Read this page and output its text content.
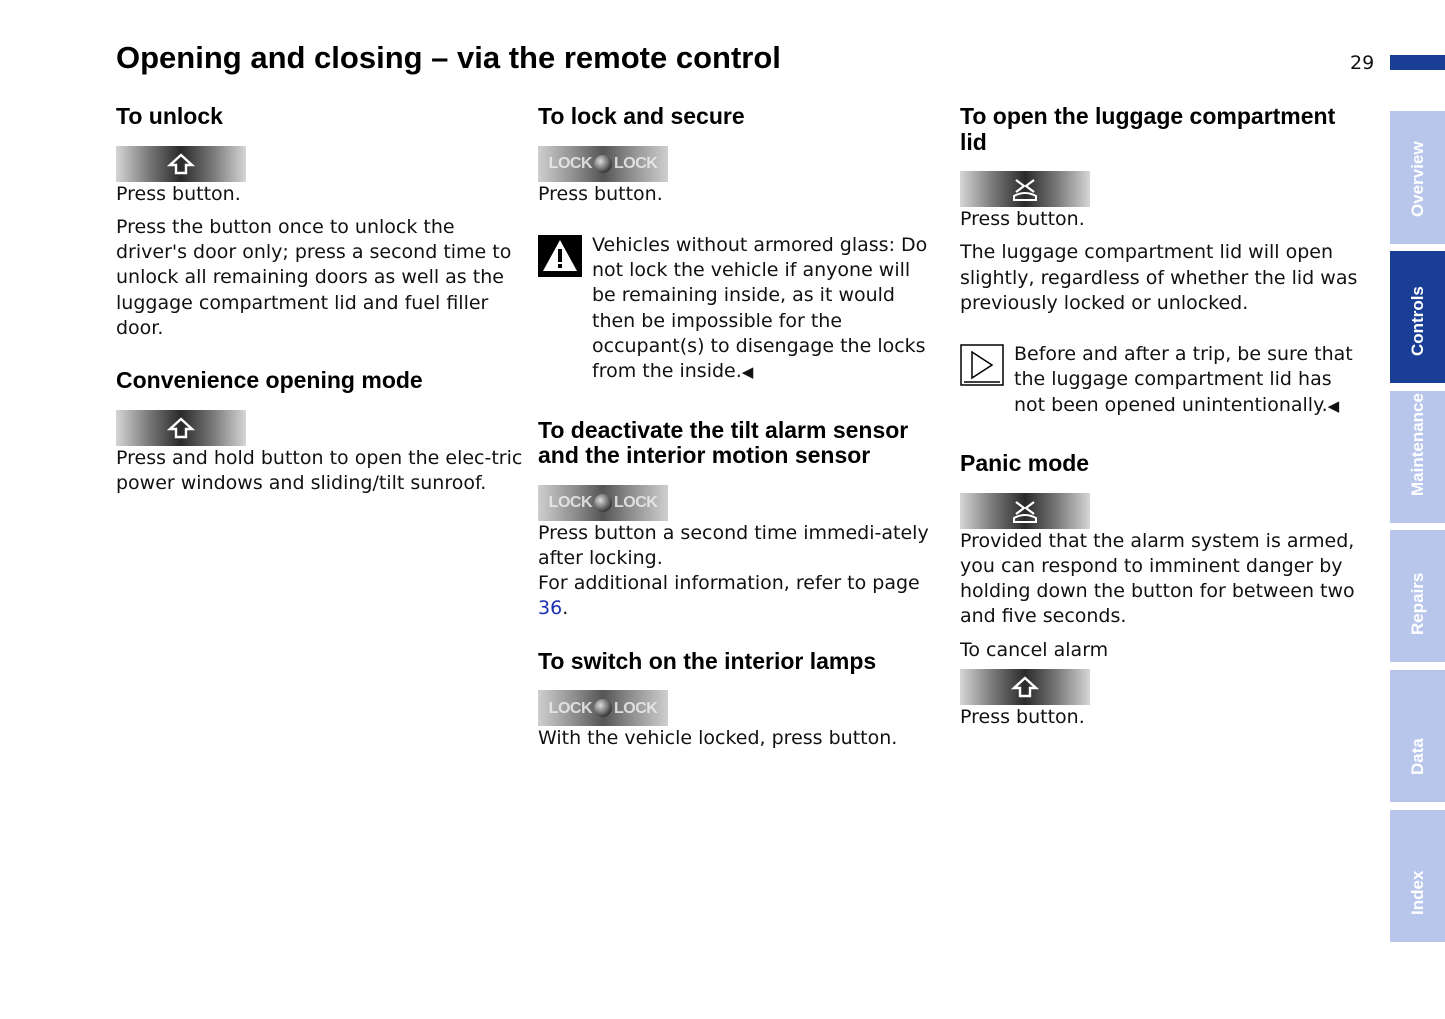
Opening and closing – via the remote control	29
To unlock

Press button.

Press the button once to unlock the driver's door only; press a second time to unlock all remaining doors as well as the luggage compartment lid and fuel filler door.

Convenience opening mode

Press and hold button to open the elec-tric power windows and sliding/tilt sunroof.

To lock and secure
LOCK LOCK

Press button.

Vehicles without armored glass: Do not lock the vehicle if anyone will be remaining inside, as it would then be impossible for the occupant(s) to disengage the locks from the inside.◀

To deactivate the tilt alarm sensor and the interior motion sensor
LOCK LOCK

Press button a second time immedi-ately after locking.

For additional information, refer to page 36.

To switch on the interior lamps
LOCK LOCK

With the vehicle locked, press button.

To open the luggage compartment lid

Press button.

The luggage compartment lid will open slightly, regardless of whether the lid was previously locked or unlocked.

Before and after a trip, be sure that the luggage compartment lid has not been opened unintentionally.◀

Panic mode

Provided that the alarm system is armed, you can respond to imminent danger by holding down the button for between two and five seconds.

To cancel alarm

Press button.

Overview
Controls
Maintenance
Repairs
Data
Index
